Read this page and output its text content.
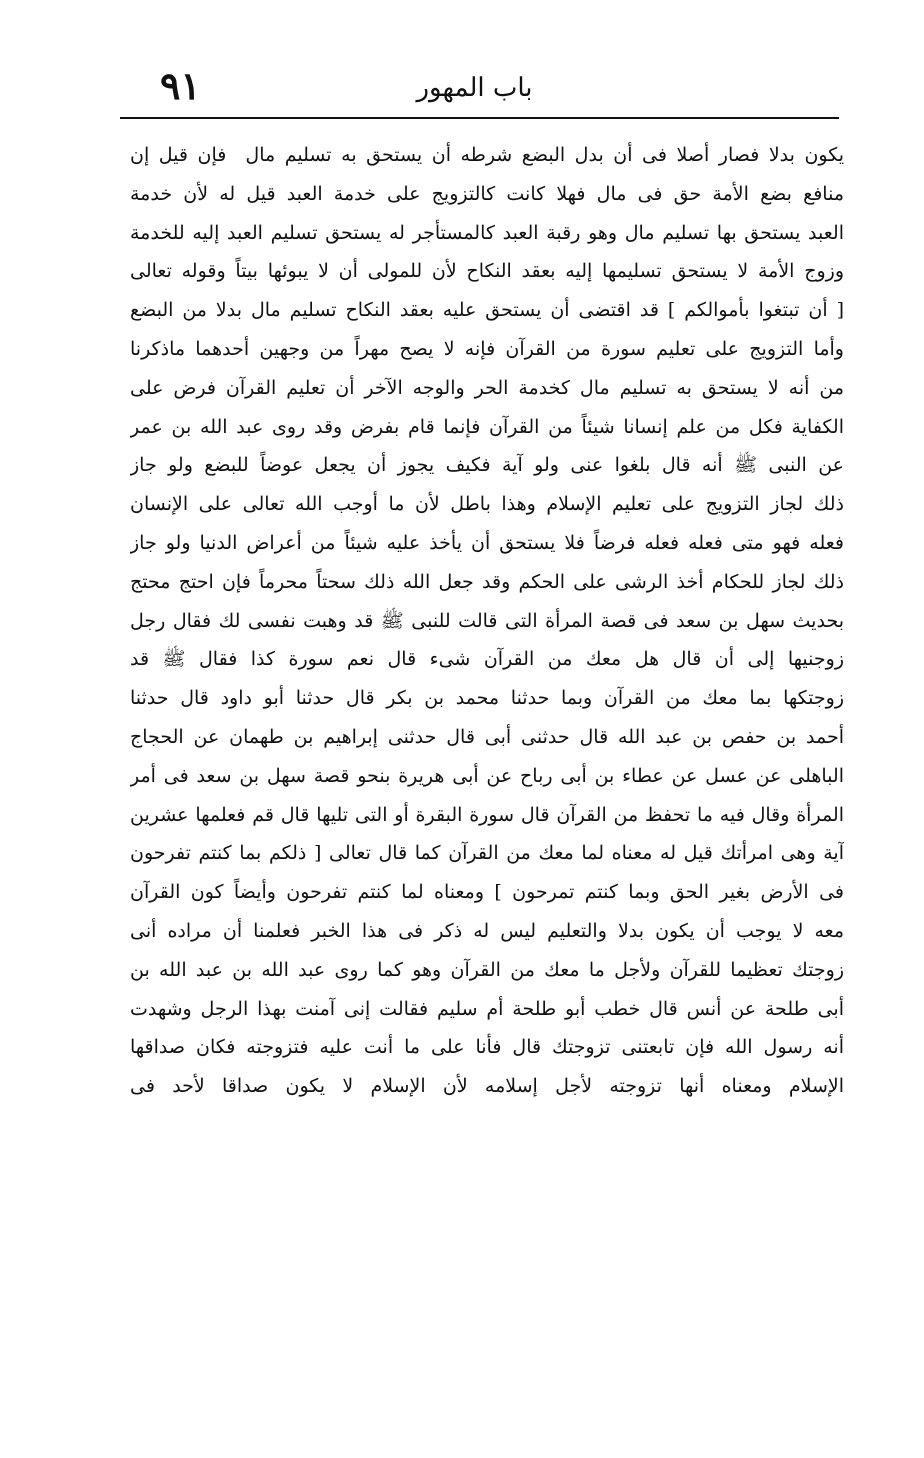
٩١	باب المهور
يكون بدلا فصار أصلا فى أن بدل البضع شرطه أن يستحق به تسليم مال ‍ فإن قيل إن
منافع بضع الأمة حق فى مال فهلا كانت كالتزويج على خدمة العبد قيل له لأن خدمة
العبد يستحق بها تسليم مال وهو رقبة العبد كالمستأجر له يستحق تسليم العبد إليه للخدمة
وزوج الأمة لا يستحق تسليمها إليه بعقد النكاح لأن للمولى أن لا يبوئها بيتاً وقوله تعالى
[ أن تبتغوا بأموالكم ] قد اقتضى أن يستحق عليه بعقد النكاح تسليم مال بدلا من البضع
وأما التزويج على تعليم سورة من القرآن فإنه لا يصح مهراً من وجهين أحدهما ماذكرنا
من أنه لا يستحق به تسليم مال كخدمة الحر والوجه الآخر أن تعليم القرآن فرض على
الكفاية فكل من علم إنسانا شيئاً من القرآن فإنما قام بفرض وقد روى عبد الله بن عمر
عن النبى ﷺ أنه قال بلغوا عنى ولو آية فكيف يجوز أن يجعل عوضاً للبضع ولو جاز
ذلك لجاز التزويج على تعليم الإسلام وهذا باطل لأن ما أوجب الله تعالى على الإنسان
فعله فهو متى فعله فعله فرضاً فلا يستحق أن يأخذ عليه شيئاً من أعراض الدنيا ولو جاز
ذلك لجاز للحكام أخذ الرشى على الحكم وقد جعل الله ذلك سحتاً محرماً فإن احتج محتج
بحديث سهل بن سعد فى قصة المرأة التى قالت للنبى ﷺ قد وهبت نفسى لك فقال رجل
زوجنيها إلى أن قال هل معك من القرآن شىء قال نعم سورة كذا فقال ﷺ قد
زوجتكها بما معك من القرآن وبما حدثنا محمد بن بكر قال حدثنا أبو داود قال حدثنا
أحمد بن حفص بن عبد الله قال حدثنى أبى قال حدثنى إبراهيم بن طهمان عن الحجاج
الباهلى عن عسل عن عطاء بن أبى رباح عن أبى هريرة بنحو قصة سهل بن سعد فى أمر
المرأة وقال فيه ما تحفظ من القرآن قال سورة البقرة أو التى تليها قال قم فعلمها عشرين
آية وهى امرأتك قيل له معناه لما معك من القرآن كما قال تعالى [ ذلكم بما كنتم تفرحون
فى الأرض بغير الحق وبما كنتم تمرحون ] ومعناه لما كنتم تفرحون وأيضاً كون القرآن
معه لا يوجب أن يكون بدلا والتعليم ليس له ذكر فى هذا الخبر فعلمنا أن مراده أنى
زوجتك تعظيما للقرآن ولأجل ما معك من القرآن وهو كما روى عبد الله بن عبد الله بن
أبى طلحة عن أنس قال خطب أبو طلحة أم سليم فقالت إنى آمنت بهذا الرجل وشهدت
أنه رسول الله فإن تابعتنى تزوجتك قال فأنا على ما أنت عليه فتزوجته فكان صداقها
الإسلام ومعناه أنها تزوجته لأجل إسلامه لأن الإسلام لا يكون صداقا لأحد فى
